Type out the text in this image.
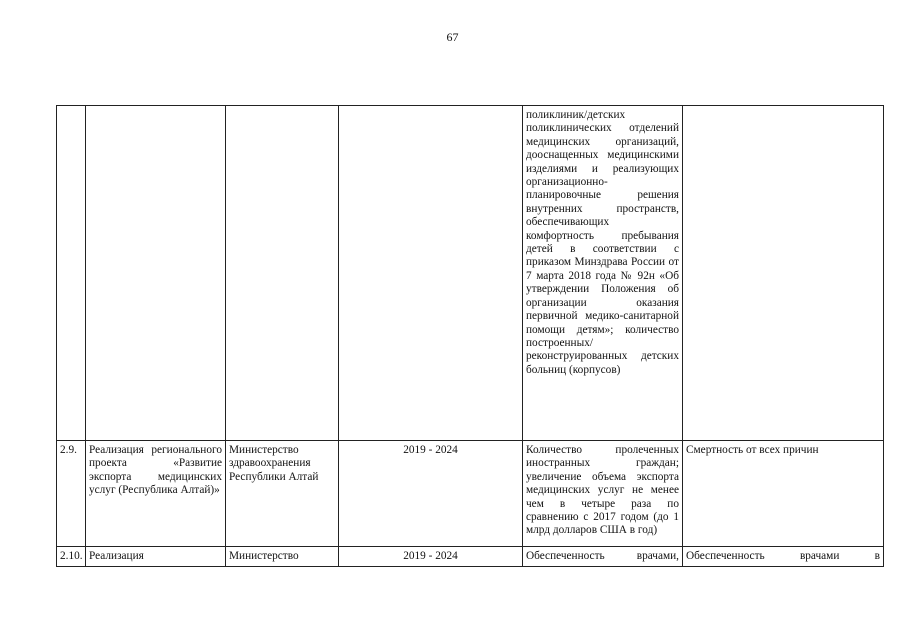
67
				поликлиник/детских поликлинических отделений медицинских организаций, дооснащенных медицинскими изделиями и реализующих организационно-планировочные решения внутренних пространств, обеспечивающих комфортность пребывания детей в соответствии с приказом Минздрава России от 7 марта 2018 года № 92н «Об утверждении Положения об организации оказания первичной медико-санитарной помощи детям»; количество построенных/реконструированных детских больниц (корпусов)	
2.9.	Реализация регионального проекта «Развитие экспорта медицинских услуг (Республика Алтай)»	Министерство здравоохранения Республики Алтай	2019 - 2024	Количество пролеченных иностранных граждан; увеличение объема экспорта медицинских услуг не менее чем в четыре раза по сравнению с 2017 годом (до 1 млрд долларов США в год)	Смертность от всех причин
2.10.	Реализация	Министерство	2019 - 2024	Обеспеченность врачами,	Обеспеченность врачами в
